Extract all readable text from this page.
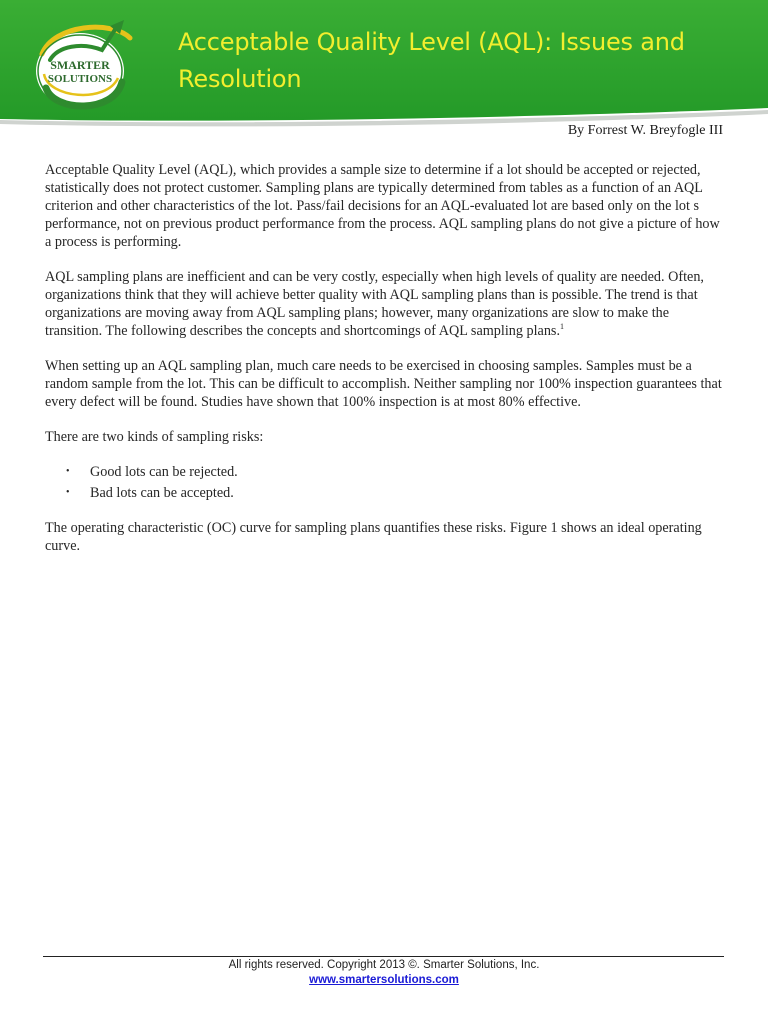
SMARTER
SOLUTIONS
Acceptable Quality Level (AQL): Issues and Resolution
By Forrest W. Breyfogle III

Acceptable Quality Level (AQL), which provides a sample size to determine if a lot should be accepted or rejected, statistically does not protect customer. Sampling plans are typically determined from tables as a function of an AQL criterion and other characteristics of the lot. Pass/fail decisions for an AQL-evaluated lot are based only on the lot s performance, not on previous product performance from the process. AQL sampling plans do not give a picture of how a process is performing.

AQL sampling plans are inefficient and can be very costly, especially when high levels of quality are needed. Often, organizations think that they will achieve better quality with AQL sampling plans than is possible. The trend is that organizations are moving away from AQL sampling plans; however, many organizations are slow to make the transition. The following describes the concepts and shortcomings of AQL sampling plans.$^1$

When setting up an AQL sampling plan, much care needs to be exercised in choosing samples. Samples must be a random sample from the lot. This can be difficult to accomplish. Neither sampling nor 100% inspection guarantees that every defect will be found. Studies have shown that 100% inspection is at most 80% effective.

There are two kinds of sampling risks:

• Good lots can be rejected.
• Bad lots can be accepted.

The operating characteristic (OC) curve for sampling plans quantifies these risks. Figure 1 shows an ideal operating curve.

All rights reserved. Copyright 2013 ©. Smarter Solutions, Inc.
www.smartersolutions.com
